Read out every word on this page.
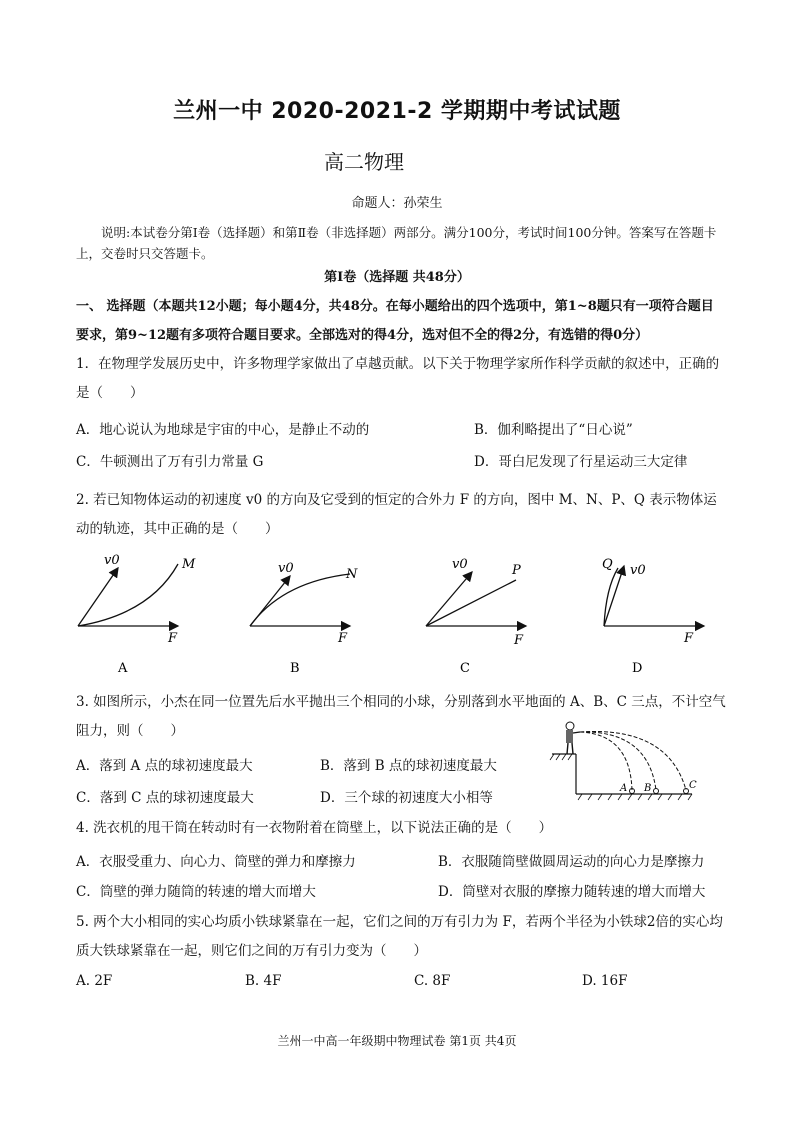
兰州一中 2020-2021-2 学期期中考试试题
高二物理
命题人：孙荣生
说明:本试卷分第Ⅰ卷（选择题）和第Ⅱ卷（非选择题）两部分。满分100分，考试时间100分钟。答案写在答题卡上，交卷时只交答题卡。
第Ⅰ卷（选择题 共48分）
一、 选择题（本题共12小题；每小题4分，共48分。在每小题给出的四个选项中，第1~8题只有一项符合题目要求，第9~12题有多项符合题目要求。全部选对的得4分，选对但不全的得2分，有选错的得0分）
1．在物理学发展历史中，许多物理学家做出了卓越贡献。以下关于物理学家所作科学贡献的叙述中，正确的是（　　）
A．地心说认为地球是宇宙的中心，是静止不动的	B．伽利略提出了“日心说”
C．牛顿测出了万有引力常量 G	D．哥白尼发现了行星运动三大定律
2. 若已知物体运动的初速度 v0 的方向及它受到的恒定的合外力 F 的方向，图中 M、N、P、Q 表示物体运动的轨迹，其中正确的是（　　）
v0	M
F
A
v0	N
F
B
v0	P
F
C
v0
Q
F
D
3. 如图所示，小杰在同一位置先后水平抛出三个相同的小球，分别落到水平地面的 A、B、C 三点，不计空气阻力，则（　　）
A．落到 A 点的球初速度最大	B．落到 B 点的球初速度最大
C．落到 C 点的球初速度最大	D．三个球的初速度大小相等
A B	C
4. 洗衣机的甩干筒在转动时有一衣物附着在筒壁上，以下说法正确的是（　　）
A．衣服受重力、向心力、筒壁的弹力和摩擦力	B．衣服随筒壁做圆周运动的向心力是摩擦力
C．筒壁的弹力随筒的转速的增大而增大	D．筒壁对衣服的摩擦力随转速的增大而增大
5. 两个大小相同的实心均质小铁球紧靠在一起，它们之间的万有引力为 F，若两个半径为小铁球2倍的实心均质大铁球紧靠在一起，则它们之间的万有引力变为（　　）
A. 2F	B. 4F	C. 8F	D. 16F
兰州一中高一年级期中物理试卷 第1页 共4页
